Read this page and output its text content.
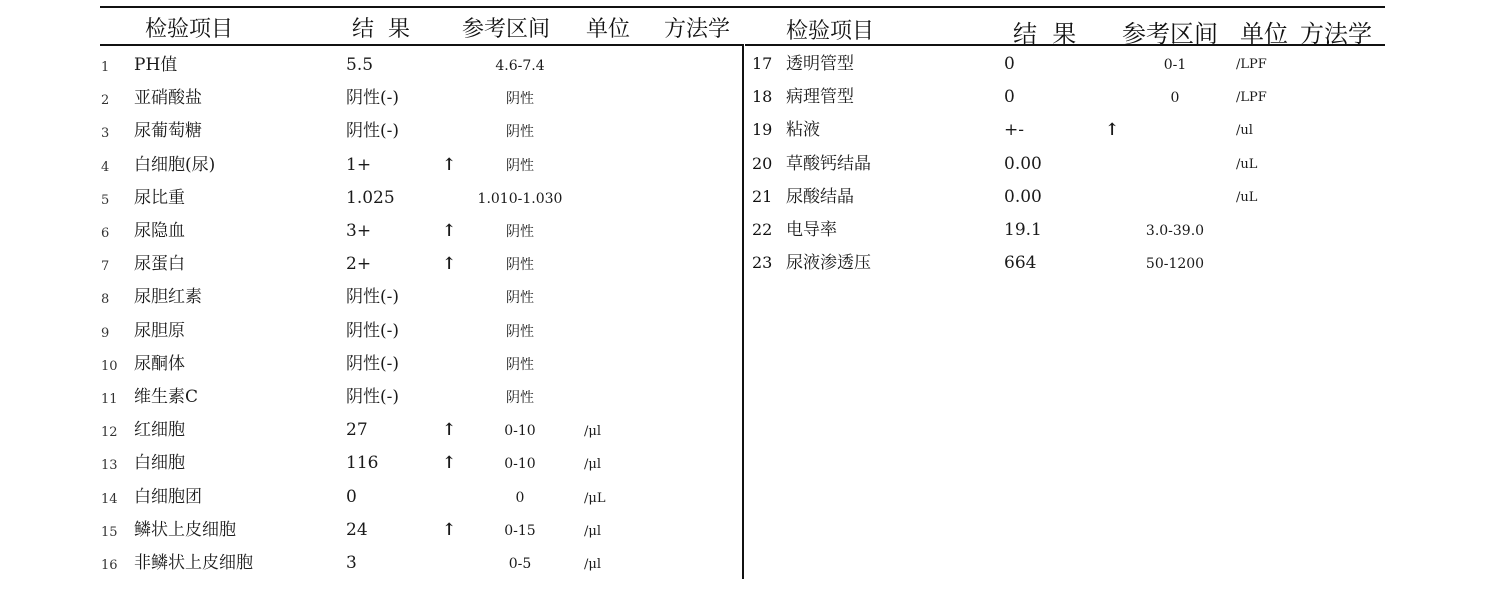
检验项目	结  果 参考区间 单位 方法学	检验项目	结  果 参考区间 单位 方法学
1 PH值	5.5	4.6-7.4
2 亚硝酸盐	阴性(-)	阴性
3 尿葡萄糖	阴性(-)	阴性
4 白细胞(尿)	1+	↑	阴性
5 尿比重	1.025	1.010-1.030
6 尿隐血	3+	↑	阴性
7 尿蛋白	2+	↑	阴性
8 尿胆红素	阴性(-)	阴性
9 尿胆原	阴性(-)	阴性
10 尿酮体	阴性(-)	阴性
11 维生素C	阴性(-)	阴性
12 红细胞	27	↑	0-10	/μl
13 白细胞	116	↑	0-10	/μl
14 白细胞团	0	0	/μL
15 鳞状上皮细胞	24	↑	0-15	/μl
16 非鳞状上皮细胞	3	0-5	/μl
17 透明管型	0	0-1	/LPF
18 病理管型	0	0	/LPF
19 粘液	+-	↑	/ul
20 草酸钙结晶	0.00	/uL
21 尿酸结晶	0.00	/uL
22 电导率	19.1	3.0-39.0
23 尿液渗透压	664	50-1200
